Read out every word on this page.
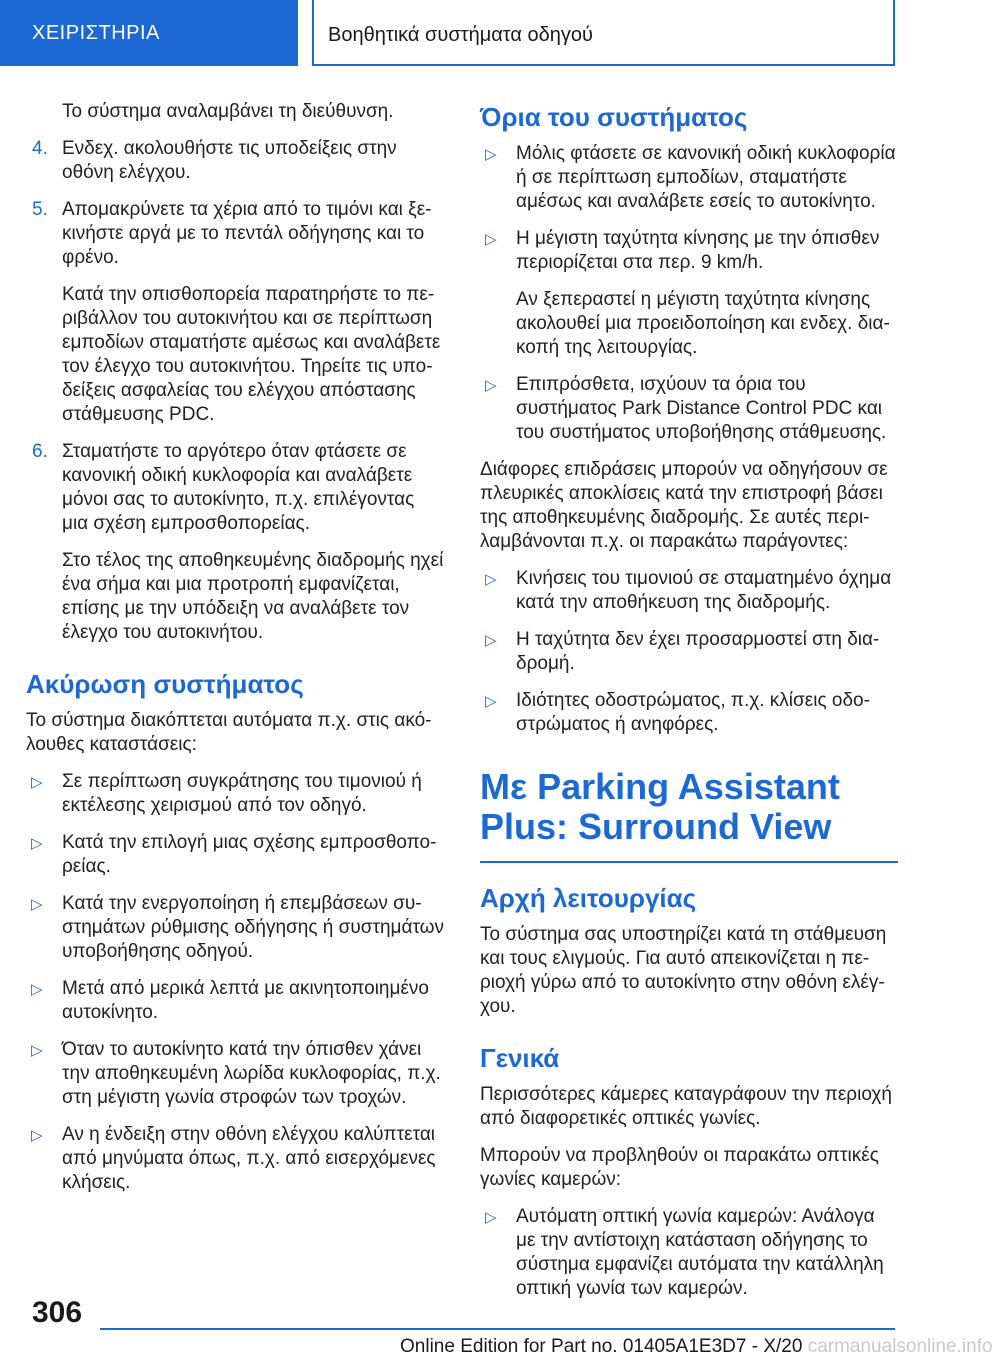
ΧΕΙΡΙΣΤΗΡΙΑ	Βοηθητικά συστήματα οδηγού

Το σύστημα αναλαμβάνει τη διεύθυνση.

4. Ενδεχ. ακολουθήστε τις υποδείξεις στην οθόνη ελέγχου.
5. Απομακρύνετε τα χέρια από το τιμόνι και ξεκινήστε αργά με το πεντάλ οδήγησης και το φρένο.

Κατά την οπισθοπορεία παρατηρήστε το περιβάλλον του αυτοκινήτου και σε περίπτωση εμποδίων σταματήστε αμέσως και αναλάβετε τον έλεγχο του αυτοκινήτου. Τηρείτε τις υποδείξεις ασφαλείας του ελέγχου απόστασης στάθμευσης PDC.

6. Σταματήστε το αργότερο όταν φτάσετε σε κανονική οδική κυκλοφορία και αναλάβετε μόνοι σας το αυτοκίνητο, π.χ. επιλέγοντας μια σχέση εμπροσθοπορείας.

Στο τέλος της αποθηκευμένης διαδρομής ηχεί ένα σήμα και μια προτροπή εμφανίζεται, επίσης με την υπόδειξη να αναλάβετε τον έλεγχο του αυτοκινήτου.

Ακύρωση συστήματος

Το σύστημα διακόπτεται αυτόματα π.χ. στις ακόλουθες καταστάσεις:

▷ Σε περίπτωση συγκράτησης του τιμονιού ή εκτέλεσης χειρισμού από τον οδηγό.
▷ Κατά την επιλογή μιας σχέσης εμπροσθοπορείας.
▷ Κατά την ενεργοποίηση ή επεμβάσεων συστημάτων ρύθμισης οδήγησης ή συστημάτων υποβοήθησης οδηγού.
▷ Μετά από μερικά λεπτά με ακινητοποιημένο αυτοκίνητο.
▷ Όταν το αυτοκίνητο κατά την όπισθεν χάνει την αποθηκευμένη λωρίδα κυκλοφορίας, π.χ. στη μέγιστη γωνία στροφών των τροχών.
▷ Αν η ένδειξη στην οθόνη ελέγχου καλύπτεται από μηνύματα όπως, π.χ. από εισερχόμενες κλήσεις.
Όρια του συστήματος
▷ Μόλις φτάσετε σε κανονική οδική κυκλοφορία ή σε περίπτωση εμποδίων, σταματήστε αμέσως και αναλάβετε εσείς το αυτοκίνητο.
▷ Η μέγιστη ταχύτητα κίνησης με την όπισθεν περιορίζεται στα περ. 9 km/h.

Αν ξεπεραστεί η μέγιστη ταχύτητα κίνησης ακολουθεί μια προειδοποίηση και ενδεχ. διακοπή της λειτουργίας.

▷ Επιπρόσθετα, ισχύουν τα όρια του συστήματος Park Distance Control PDC και του συστήματος υποβοήθησης στάθμευσης.

Διάφορες επιδράσεις μπορούν να οδηγήσουν σε πλευρικές αποκλίσεις κατά την επιστροφή βάσει της αποθηκευμένης διαδρομής. Σε αυτές περιλαμβάνονται π.χ. οι παρακάτω παράγοντες:

▷ Κινήσεις του τιμονιού σε σταματημένο όχημα κατά την αποθήκευση της διαδρομής.
▷ Η ταχύτητα δεν έχει προσαρμοστεί στη διαδρομή.
▷ Ιδιότητες οδοστρώματος, π.χ. κλίσεις οδοστρώματος ή ανηφόρες.
Με Parking Assistant Plus: Surround View
Αρχή λειτουργίας

Το σύστημα σας υποστηρίζει κατά τη στάθμευση και τους ελιγμούς. Για αυτό απεικονίζεται η περιοχή γύρω από το αυτοκίνητο στην οθόνη ελέγχου.

Γενικά

Περισσότερες κάμερες καταγράφουν την περιοχή από διαφορετικές οπτικές γωνίες.

Μπορούν να προβληθούν οι παρακάτω οπτικές γωνίες καμερών:

▷ Αυτόματη οπτική γωνία καμερών: Ανάλογα με την αντίστοιχη κατάσταση οδήγησης το σύστημα εμφανίζει αυτόματα την κατάλληλη οπτική γωνία των καμερών.
306
Online Edition for Part no. 01405A1E3D7 - X/20 carmanualsonline.info
